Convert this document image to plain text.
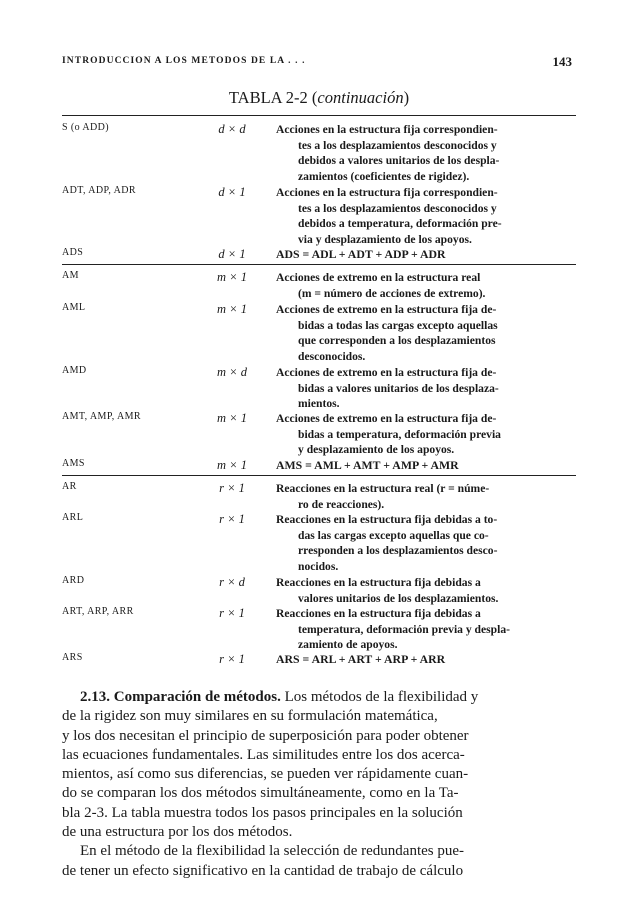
INTRODUCCION A LOS METODOS DE LA . . .	143
TABLA 2-2 (continuación)
S (o ADD)	d × d	Acciones en la estructura fija correspondien-
tes a los desplazamientos desconocidos y
debidos a valores unitarios de los despla-
zamientos (coeficientes de rigidez).
ADT, ADP, ADR	d × 1	Acciones en la estructura fija correspondien-
tes a los desplazamientos desconocidos y
debidos a temperatura, deformación pre-
via y desplazamiento de los apoyos.
ADS	d × 1	ADS = ADL + ADT + ADP + ADR
AM	m × 1	Acciones de extremo en la estructura real
(m = número de acciones de extremo).
AML	m × 1	Acciones de extremo en la estructura fija de-
bidas a todas las cargas excepto aquellas
que corresponden a los desplazamientos
desconocidos.
AMD	m × d	Acciones de extremo en la estructura fija de-
bidas a valores unitarios de los desplaza-
mientos.
AMT, AMP, AMR	m × 1	Acciones de extremo en la estructura fija de-
bidas a temperatura, deformación previa
y desplazamiento de los apoyos.
AMS	m × 1	AMS = AML + AMT + AMP + AMR
AR	r × 1	Reacciones en la estructura real (r = núme-
ro de reacciones).
ARL	r × 1	Reacciones en la estructura fija debidas a to-
das las cargas excepto aquellas que co-
rresponden a los desplazamientos desco-
nocidos.
ARD	r × d	Reacciones en la estructura fija debidas a
valores unitarios de los desplazamientos.
ART, ARP, ARR	r × 1	Reacciones en la estructura fija debidas a
temperatura, deformación previa y despla-
zamiento de apoyos.
ARS	r × 1	ARS = ARL + ART + ARP + ARR
2.13. Comparación de métodos. Los métodos de la flexibilidad y
de la rigidez son muy similares en su formulación matemática,
y los dos necesitan el principio de superposición para poder obtener
las ecuaciones fundamentales. Las similitudes entre los dos acerca-
mientos, así como sus diferencias, se pueden ver rápidamente cuan-
do se comparan los dos métodos simultáneamente, como en la Ta-
bla 2-3. La tabla muestra todos los pasos principales en la solución
de una estructura por los dos métodos.
En el método de la flexibilidad la selección de redundantes pue-
de tener un efecto significativo en la cantidad de trabajo de cálculo
